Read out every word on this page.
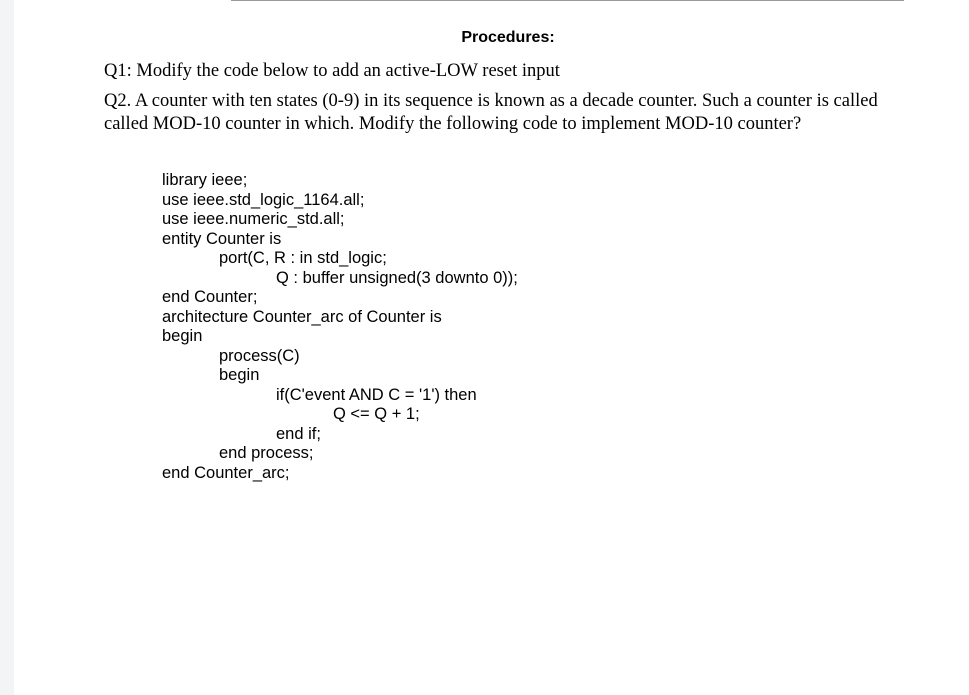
Procedures:

Q1: Modify the code below to add an active-LOW reset input

Q2. A counter with ten states (0-9) in its sequence is known as a decade counter. Such a counter is called
called MOD-10 counter in which. Modify the following code to implement MOD-10 counter?

library ieee;
use ieee.std_logic_1164.all;
use ieee.numeric_std.all;
entity Counter is
port(C, R : in std_logic;
Q : buffer unsigned(3 downto 0));
end Counter;
architecture Counter_arc of Counter is
begin
process(C)
begin
if(C'event AND C = '1') then
Q <= Q + 1;
end if;
end process;
end Counter_arc;
